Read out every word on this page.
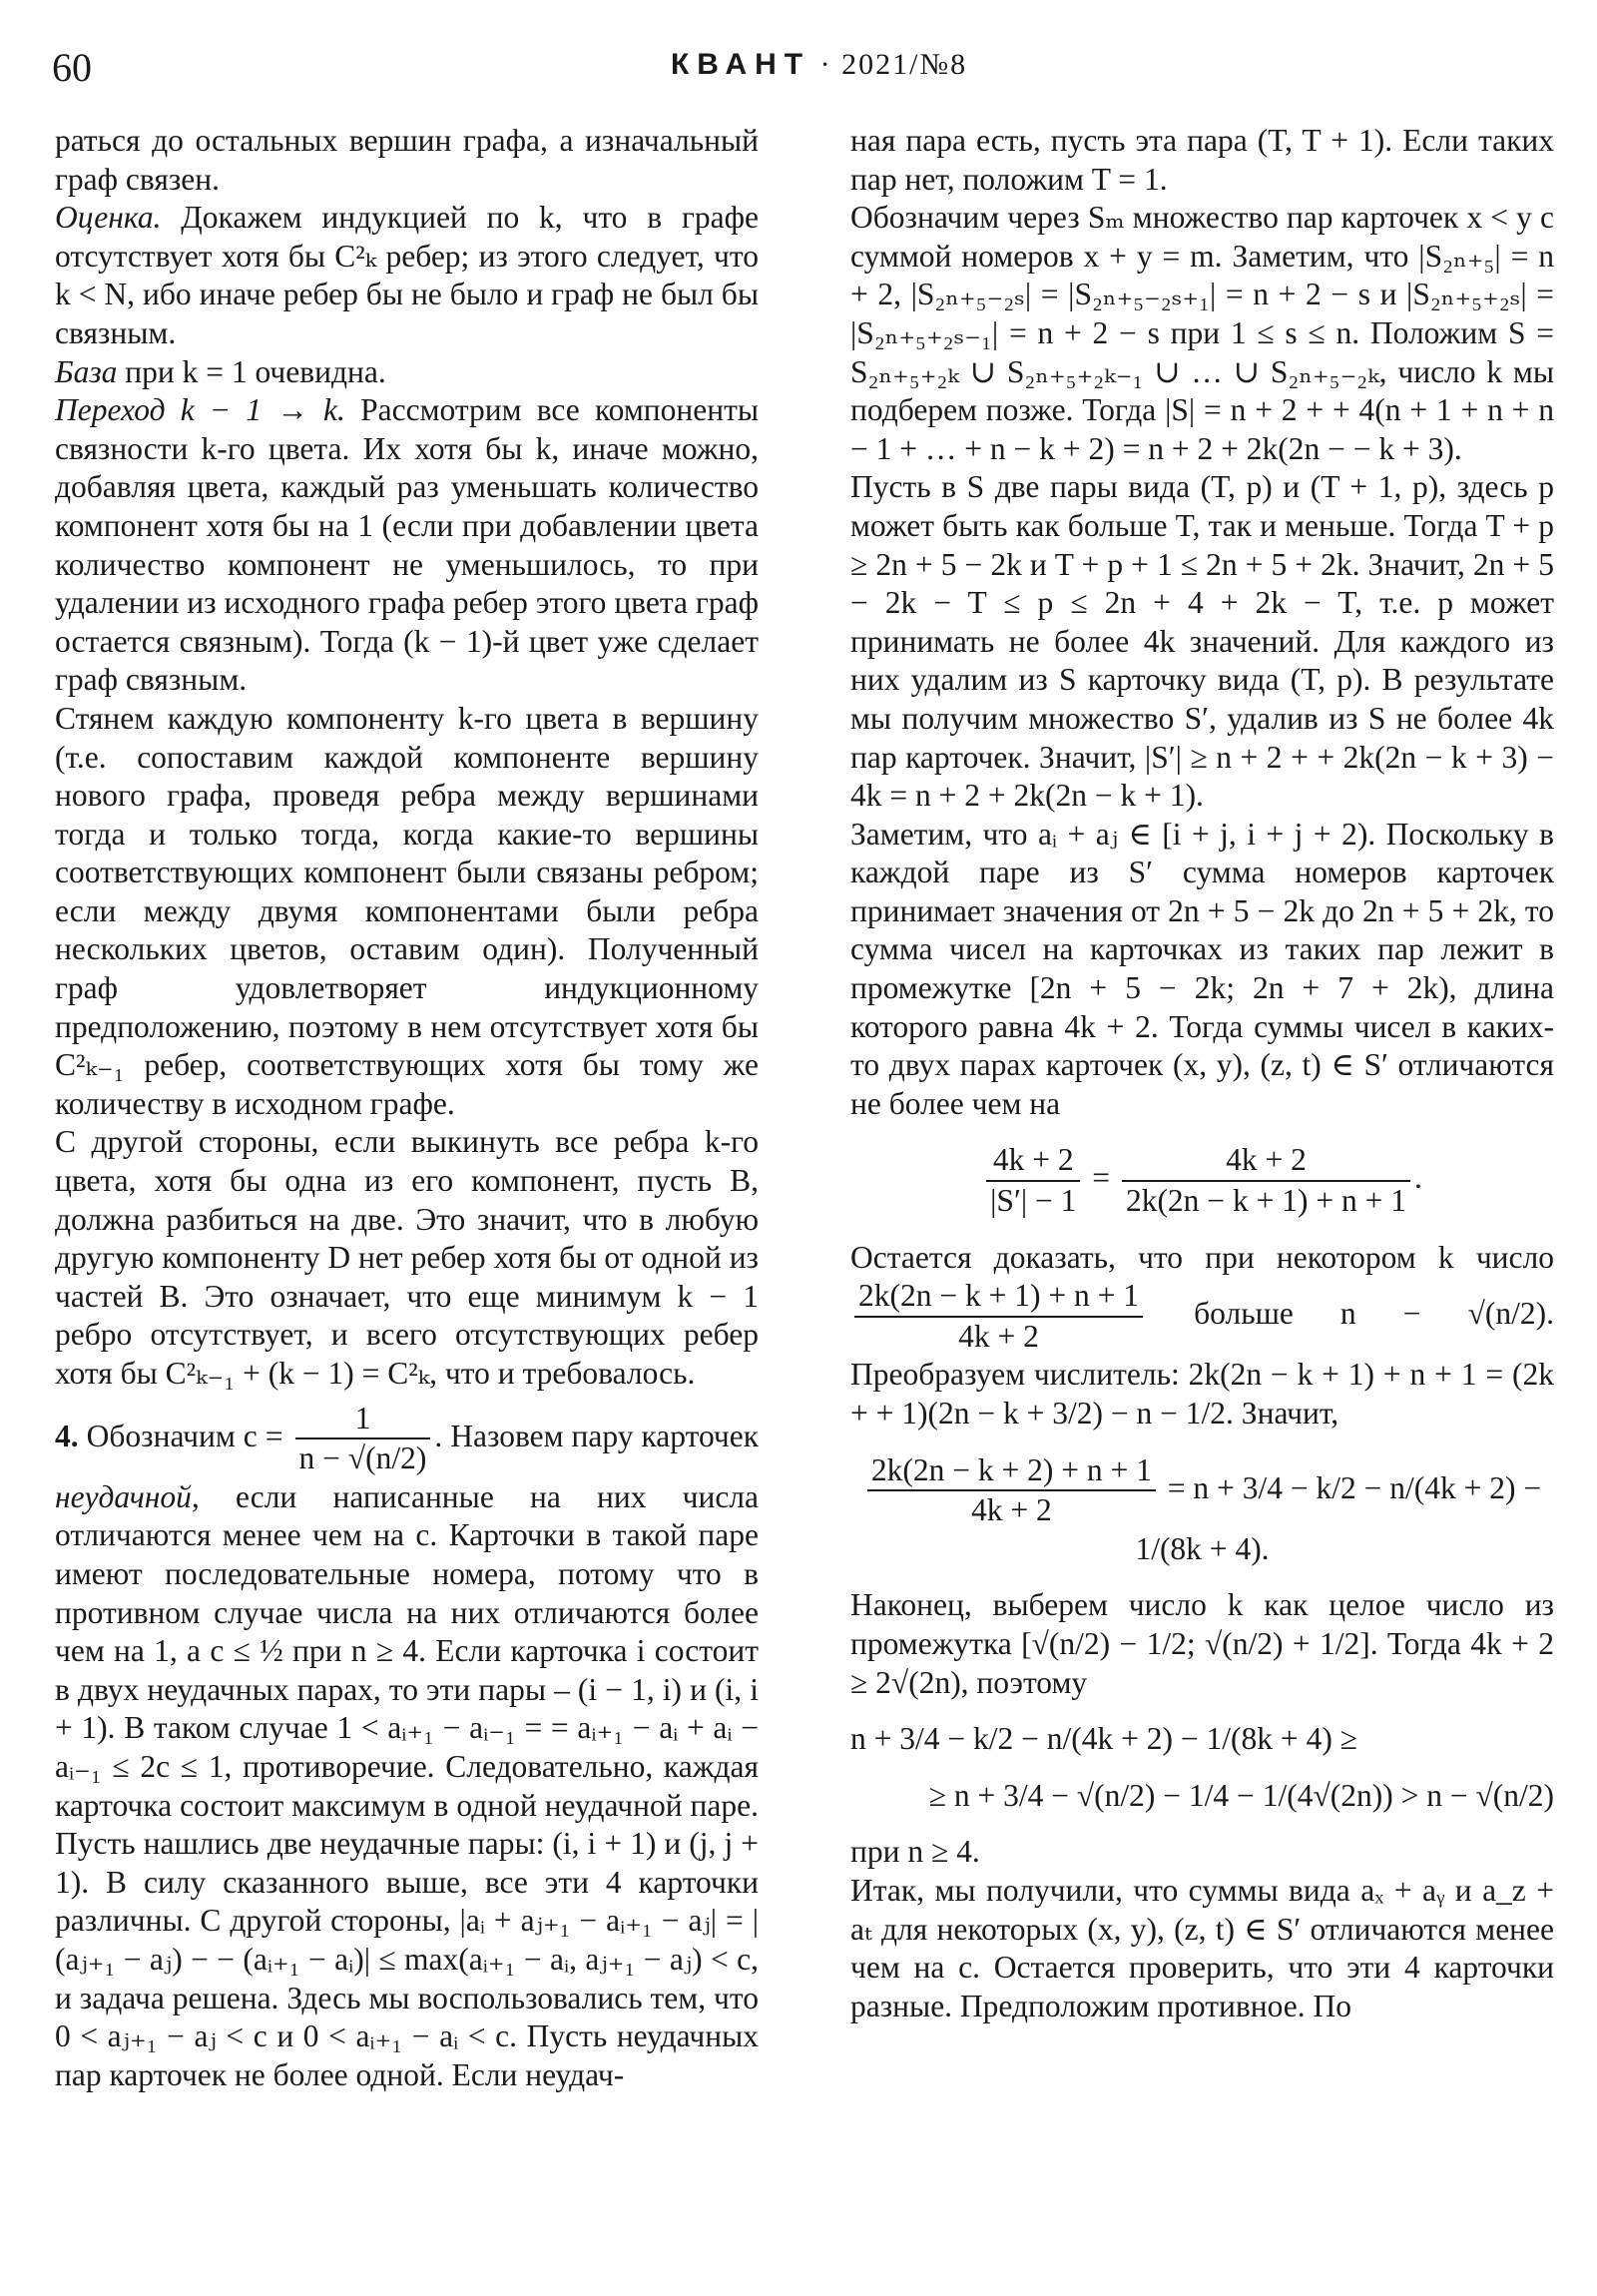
60	КВАНТ · 2021/№8

раться до остальных вершин графа, а изначальный граф связен.

Оценка. Докажем индукцией по k, что в графе отсутствует хотя бы C²ₖ ребер; из этого следует, что k < N, ибо иначе ребер бы не было и граф не был бы связным.

База при k = 1 очевидна.

Переход k − 1 → k. Рассмотрим все компоненты связности k-го цвета. Их хотя бы k, иначе можно, добавляя цвета, каждый раз уменьшать количество компонент хотя бы на 1 (если при добавлении цвета количество компонент не уменьшилось, то при удалении из исходного графа ребер этого цвета граф остается связным). Тогда (k − 1)-й цвет уже сделает граф связным.

Стянем каждую компоненту k-го цвета в вершину (т.е. сопоставим каждой компоненте вершину нового графа, проведя ребра между вершинами тогда и только тогда, когда какие-то вершины соответствующих компонент были связаны ребром; если между двумя компонентами были ребра нескольких цветов, оставим один). Полученный граф удовлетворяет индукционному предположению, поэтому в нем отсутствует хотя бы C²ₖ₋₁ ребер, соответствующих хотя бы тому же количеству в исходном графе.

С другой стороны, если выкинуть все ребра k-го цвета, хотя бы одна из его компонент, пусть B, должна разбиться на две. Это значит, что в любую другую компоненту D нет ребер хотя бы от одной из частей B. Это означает, что еще минимум k − 1 ребро отсутствует, и всего отсутствующих ребер хотя бы C²ₖ₋₁ + (k − 1) = C²ₖ, что и требовалось.

4. Обозначим $c = \frac{1}{n - √(n/2)}$ . Назовем пару карточек неудачной, если написанные на них числа отличаются менее чем на c. Карточки в такой паре имеют последовательные номера, потому что в противном случае числа на них отличаются более чем на 1, а c ≤ ½ при n ≥ 4. Если карточка i состоит в двух неудачных парах, то эти пары – (i − 1, i) и (i, i + 1). В таком случае 1 < aᵢ₊₁ − aᵢ₋₁ = = aᵢ₊₁ − aᵢ + aᵢ − aᵢ₋₁ ≤ 2c ≤ 1, противоречие. Следовательно, каждая карточка состоит максимум в одной неудачной паре. Пусть нашлись две неудачные пары: (i, i + 1) и (j, j + 1). В силу сказанного выше, все эти 4 карточки различны. С другой стороны, |aᵢ + aⱼ₊₁ − aᵢ₊₁ − aⱼ| = |(aⱼ₊₁ − aⱼ) − − (aᵢ₊₁ − aᵢ)| ≤ max(aᵢ₊₁ − aᵢ, aⱼ₊₁ − aⱼ) < c, и задача решена. Здесь мы воспользовались тем, что 0 < aⱼ₊₁ − aⱼ < c и 0 < aᵢ₊₁ − aᵢ < c. Пусть неудачных пар карточек не более одной. Если неудач-

ная пара есть, пусть эта пара (T, T + 1). Если таких пар нет, положим T = 1.

Обозначим через Sₘ множество пар карточек x < y с суммой номеров x + y = m. Заметим, что |S₂ₙ₊₅| = n + 2, |S₂ₙ₊₅₋₂ₛ| = |S₂ₙ₊₅₋₂ₛ₊₁| = n + 2 − s и |S₂ₙ₊₅₊₂ₛ| = |S₂ₙ₊₅₊₂ₛ₋₁| = n + 2 − s при 1 ≤ s ≤ n. Положим S = S₂ₙ₊₅₊₂ₖ ∪ S₂ₙ₊₅₊₂ₖ₋₁ ∪ … ∪ S₂ₙ₊₅₋₂ₖ, число k мы подберем позже. Тогда |S| = n + 2 + + 4(n + 1 + n + n − 1 + … + n − k + 2) = n + 2 + 2k(2n − − k + 3).

Пусть в S две пары вида (T, p) и (T + 1, p), здесь p может быть как больше T, так и меньше. Тогда T + p ≥ 2n + 5 − 2k и T + p + 1 ≤ 2n + 5 + 2k. Значит, 2n + 5 − 2k − T ≤ p ≤ 2n + 4 + 2k − T, т.е. p может принимать не более 4k значений. Для каждого из них удалим из S карточку вида (T, p). В результате мы получим множество S′, удалив из S не более 4k пар карточек. Значит, |S′| ≥ n + 2 + + 2k(2n − k + 3) − 4k = n + 2 + 2k(2n − k + 1).

Заметим, что aᵢ + aⱼ ∈ [i + j, i + j + 2). Поскольку в каждой паре из S′ сумма номеров карточек принимает значения от 2n + 5 − 2k до 2n + 5 + 2k, то сумма чисел на карточках из таких пар лежит в промежутке [2n + 5 − 2k; 2n + 7 + 2k), длина которого равна 4k + 2. Тогда суммы чисел в каких-то двух парах карточек (x, y), (z, t) ∈ S′ отличаются не более чем на

$\frac{4k + 2}{|S'| - 1} = \frac{4k + 2}{2k(2n - k + 1) + n + 1}$ .

Остается доказать, что при некотором k число
$\frac{2k(2n - k + 1) + n + 1}{4k + 2}$ больше n − √(n/2). Преобразуем числитель: 2k(2n − k + 1) + n + 1 = (2k + + 1)(2n − k + 3/2) − n − 1/2. Значит,

$\frac{2k(2n - k + 2) + n + 1}{4k + 2} = n + 3/4 - k/2 - n/(4k + 2) - 1/(8k + 4)$.

Наконец, выберем число k как целое число из промежутка [√(n/2) − 1/2; √(n/2) + 1/2]. Тогда 4k + 2 ≥ 2√(2n), поэтому

n + 3/4 − k/2 − n/(4k + 2) − 1/(8k + 4) ≥
≥ n + 3/4 − √(n/2) − 1/4 − 1/(4√(2n)) > n − √(n/2)

при n ≥ 4.

Итак, мы получили, что суммы вида aₓ + aᵧ и a_z + aₜ для некоторых (x, y), (z, t) ∈ S′ отличаются менее чем на c. Остается проверить, что эти 4 карточки разные. Предположим противное. По
